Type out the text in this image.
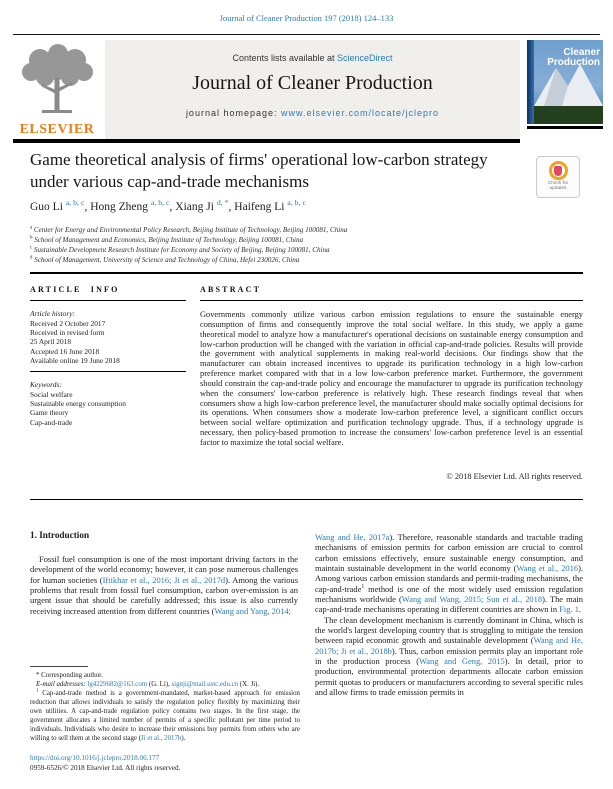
Journal of Cleaner Production 197 (2018) 124–133
ELSEVIER
Contents lists available at ScienceDirect
Journal of Cleaner Production
journal homepage: www.elsevier.com/locate/jclepro
Cleaner
Production
Game theoretical analysis of firms' operational low-carbon strategy
under various cap-and-trade mechanisms	Check for
updates
Guo Li $^{a, b, c}$, Hong Zheng $^{a, b, c}$, Xiang Ji $^{d, *}$, Haifeng Li $^{a, b, c}$
$^a$ Center for Energy and Environmental Policy Research, Beijing Institute of Technology, Beijing 100081, China
$^b$ School of Management and Economics, Beijing Institute of Technology, Beijing 100081, China
$^c$ Sustainable Development Research Institute for Economy and Society of Beijing, Beijing 100081, China
$^d$ School of Management, University of Science and Technology of China, Hefei 230026, China
ARTICLE INFO	ABSTRACT
Article history:
Received 2 October 2017
Received in revised form
25 April 2018
Accepted 16 June 2018
Available online 19 June 2018
Keywords:
Social welfare
Sustainable energy consumption
Game theory
Cap-and-trade
Governments commonly utilize various carbon emission regulations to ensure the sustainable energy consumption of firms and consequently improve the total social welfare. In this study, we apply a game theoretical model to analyze how a manufacturer's operational decisions on sustainable energy consumption and low-carbon production will be changed with the variation in official cap-and-trade policies. Results will provide the government with analytical supplements in making real-world decisions. Our findings show that the manufacturer can obtain increased incentives to upgrade its purification technology in a high low-carbon preference market compared with that in a low low-carbon preference market. Furthermore, the government should constrain the cap-and-trade policy and encourage the manufacturer to upgrade its purification technology when the consumers' low-carbon preference is relatively high. These research findings reveal that when consumers show a high low-carbon preference level, the manufacturer should make socially optimal decisions for its operations. When consumers show a moderate low-carbon preference level, a significant conflict occurs between social welfare optimization and purification technology upgrade. Thus, if a technology upgrade is necessary, then policy-based promotion to increase the consumers' low-carbon preference level is an essential factor to maximize the total social welfare.
© 2018 Elsevier Ltd. All rights reserved.
1. Introduction
Fossil fuel consumption is one of the most important driving factors in the development of the world economy; however, it can pose numerous challenges for human societies (Iftikhar et al., 2016; Ji et al., 2017d). Among the various problems that result from fossil fuel consumption, carbon over-emission is an urgent issue that should be carefully addressed; this issue is also currently receiving increased attention from different countries (Wang and Yang, 2014;
Wang and He, 2017a). Therefore, reasonable standards and tractable trading mechanisms of emission permits for carbon emission are crucial to control carbon emissions effectively, ensure sustainable energy consumption, and maintain sustainable development in the world economy (Wang et al., 2016). Among various carbon emission standards and permit-trading mechanisms, the cap-and-trade$^1$ method is one of the most widely used emission regulation mechanisms worldwide (Wang and Wang, 2015; Sun et al., 2018). The main cap-and-trade mechanisms operating in different countries are shown in Fig. 1.
The clean development mechanism is currently dominant in China, which is the world's largest developing country that is struggling to mitigate the tension between rapid economic growth and sustainable development (Wang and He, 2017b; Ji et al., 2018b). Thus, carbon emission permits play an important role in the production process (Wang and Geng, 2015). In detail, prior to production, environmental protection departments allocate carbon emission permit quotas to producers or manufacturers according to several specific rules and allow firms to trade emission permits in
* Corresponding author.
E-mail addresses: lg4229682@163.com (G. Li), signji@mail.ustc.edu.cn (X. Ji).
$^1$ Cap-and-trade method is a government-mandated, market-based approach for emission reduction that allows individuals to satisfy the regulation policy flexibly by maximizing their own utilities. A cap-and-trade regulation policy contains two stages. In the first stage, the government allocates a limited number of permits of a specific pollutant per time period to individuals. Individuals who desire to increase their emissions buy permits from others who are willing to sell them at the second stage (Ji et al., 2017b).
https://doi.org/10.1016/j.jclepro.2018.06.177
0959-6526/© 2018 Elsevier Ltd. All rights reserved.
